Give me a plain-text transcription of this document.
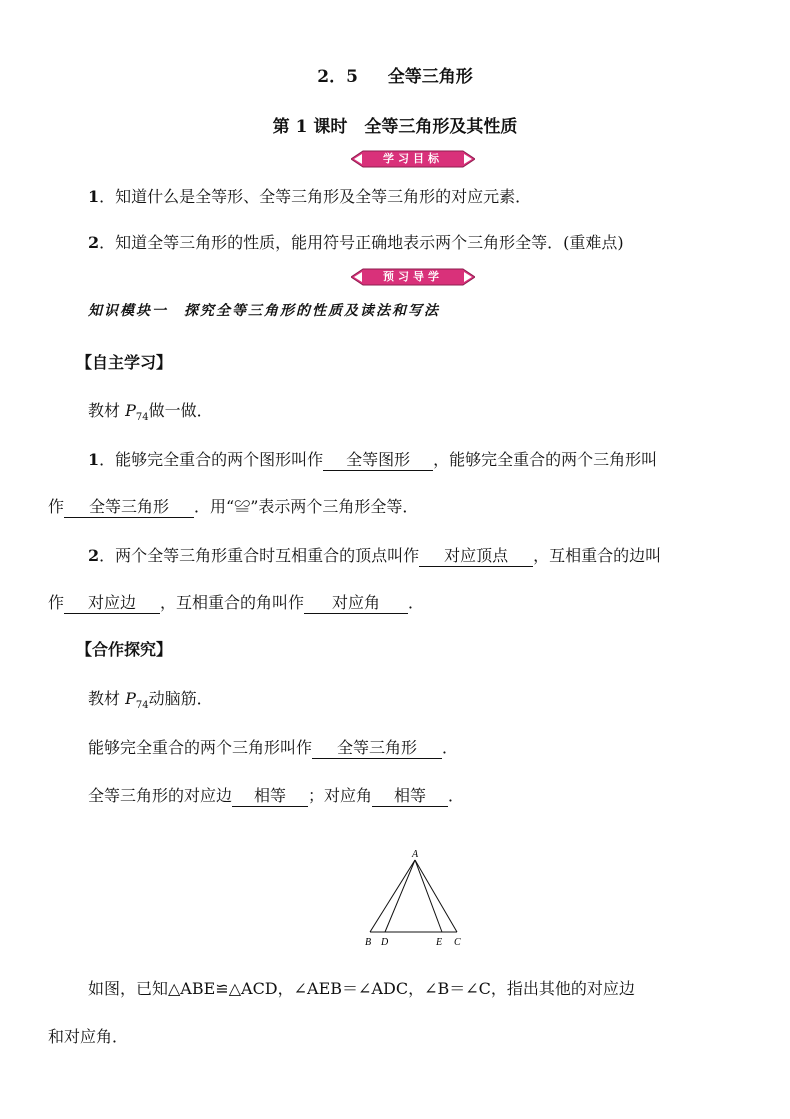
2．5 全等三角形
第 1 课时　全等三角形及其性质
学习目标
1．知道什么是全等形、全等三角形及全等三角形的对应元素．
2．知道全等三角形的性质，能用符号正确地表示两个三角形全等．(重难点)
预习导学
知识模块一　探究全等三角形的性质及读法和写法
【自主学习】
教材 $P_{74}$做一做．
1．能够完全重合的两个图形叫作 全等图形 ，能够完全重合的两个三角形叫
作 全等三角形 ．用“≌”表示两个三角形全等．
2．两个全等三角形重合时互相重合的顶点叫作 对应顶点 ，互相重合的边叫
作 对应边 ，互相重合的角叫作 对应角 ．
【合作探究】
教材 $P_{74}$动脑筋．
能够完全重合的两个三角形叫作 全等三角形 ．
全等三角形的对应边 相等 ；对应角 相等 ．
A
B D	E C
如图，已知△ABE≌△ACD，∠AEB＝∠ADC，∠B＝∠C，指出其他的对应边
和对应角．
